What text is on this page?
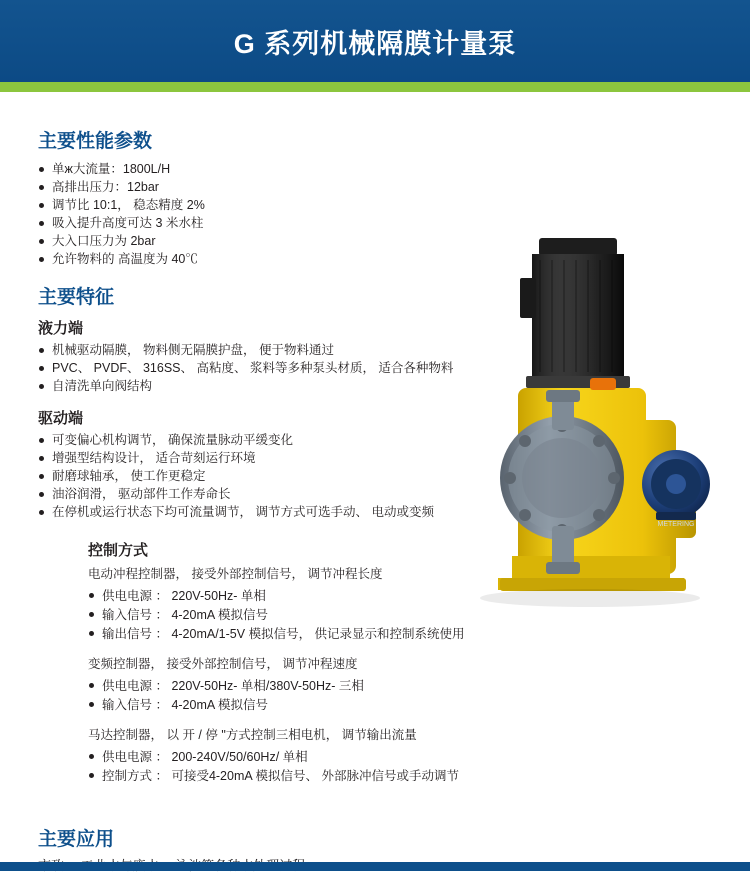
G 系列机械隔膜计量泵
主要性能参数
单ж大流量：1800L/H
高排出压力：12bar
调节比 10:1， 稳态精度 2%
吸入提升高度可达 3 米水柱
大入口压力为 2bar
允许物料的 高温度为 40℃
主要特征
液力端
机械驱动隔膜， 物料侧无隔膜护盘， 便于物料通过
PVC、 PVDF、 316SS、 高粘度、 浆料等多种泵头材质， 适合各种物料
自清洗单向阀结构
驱动端
可变偏心机构调节， 确保流量脉动平缓变化
增强型结构设计， 适合苛刻运行环境
耐磨球轴承， 使工作更稳定
油浴润滑， 驱动部件工作寿命长
在停机或运行状态下均可流量调节， 调节方式可选手动、 电动或变频
控制方式

电动冲程控制器， 接受外部控制信号， 调节冲程长度

供电电源 ： 220V-50Hz- 单相
输入信号 ： 4-20mA 模拟信号
输出信号 ： 4-20mA/1-5V 模拟信号， 供记录显示和控制系统使用

变频控制器， 接受外部控制信号， 调节冲程速度

供电电源 ： 220V-50Hz- 单相/380V-50Hz- 三相
输入信号 ： 4-20mA 模拟信号

马达控制器， 以 开 / 停 "方式控制三相电机， 调节输出流量

供电电源 ： 200-240V/50/60Hz/ 单相
控制方式 ： 可接受4-20mA 模拟信号、 外部脉冲信号或手动调节
METERING
主要应用
